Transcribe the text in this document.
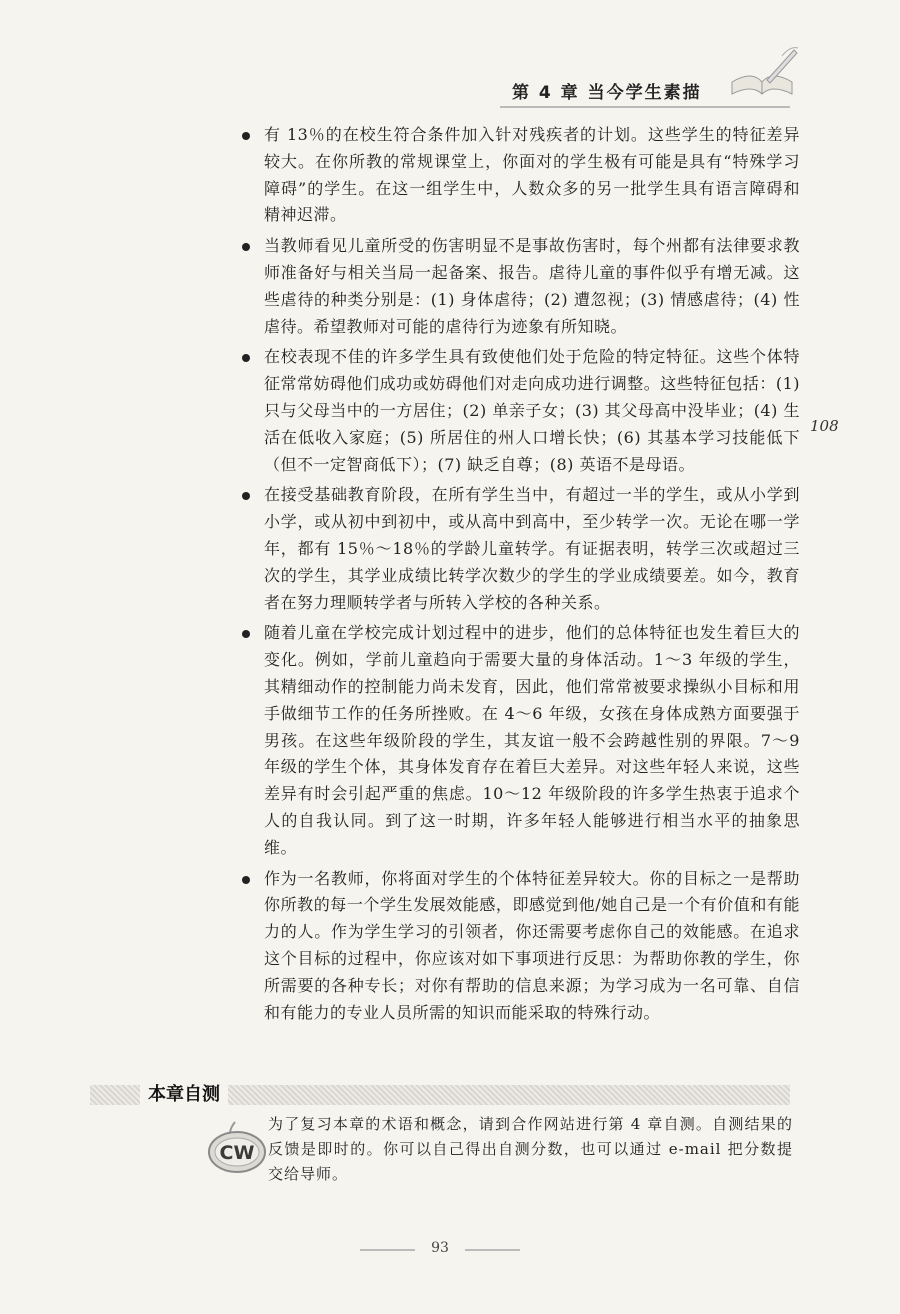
第 4 章 当今学生素描
108
有 13％的在校生符合条件加入针对残疾者的计划。这些学生的特征差异较大。在你所教的常规课堂上，你面对的学生极有可能是具有“特殊学习障碍”的学生。在这一组学生中，人数众多的另一批学生具有语言障碍和精神迟滞。
当教师看见儿童所受的伤害明显不是事故伤害时，每个州都有法律要求教师准备好与相关当局一起备案、报告。虐待儿童的事件似乎有增无减。这些虐待的种类分别是：(1) 身体虐待；(2) 遭忽视；(3) 情感虐待；(4) 性虐待。希望教师对可能的虐待行为迹象有所知晓。
在校表现不佳的许多学生具有致使他们处于危险的特定特征。这些个体特征常常妨碍他们成功或妨碍他们对走向成功进行调整。这些特征包括：(1) 只与父母当中的一方居住；(2) 单亲子女；(3) 其父母高中没毕业；(4) 生活在低收入家庭；(5) 所居住的州人口增长快；(6) 其基本学习技能低下（但不一定智商低下）；(7) 缺乏自尊；(8) 英语不是母语。
在接受基础教育阶段，在所有学生当中，有超过一半的学生，或从小学到小学，或从初中到初中，或从高中到高中，至少转学一次。无论在哪一学年，都有 15％～18％的学龄儿童转学。有证据表明，转学三次或超过三次的学生，其学业成绩比转学次数少的学生的学业成绩要差。如今，教育者在努力理顺转学者与所转入学校的各种关系。
随着儿童在学校完成计划过程中的进步，他们的总体特征也发生着巨大的变化。例如，学前儿童趋向于需要大量的身体活动。1～3 年级的学生，其精细动作的控制能力尚未发育，因此，他们常常被要求操纵小目标和用手做细节工作的任务所挫败。在 4～6 年级，女孩在身体成熟方面要强于男孩。在这些年级阶段的学生，其友谊一般不会跨越性别的界限。7～9 年级的学生个体，其身体发育存在着巨大差异。对这些年轻人来说，这些差异有时会引起严重的焦虑。10～12 年级阶段的许多学生热衷于追求个人的自我认同。到了这一时期，许多年轻人能够进行相当水平的抽象思维。
作为一名教师，你将面对学生的个体特征差异较大。你的目标之一是帮助你所教的每一个学生发展效能感，即感觉到他/她自己是一个有价值和有能力的人。作为学生学习的引领者，你还需要考虑你自己的效能感。在追求这个目标的过程中，你应该对如下事项进行反思：为帮助你教的学生，你所需要的各种专长；对你有帮助的信息来源；为学习成为一名可靠、自信和有能力的专业人员所需的知识而能采取的特殊行动。
本章自测
CW
为了复习本章的术语和概念，请到合作网站进行第 4 章自测。自测结果的反馈是即时的。你可以自己得出自测分数，也可以通过 e-mail 把分数提交给导师。
93
